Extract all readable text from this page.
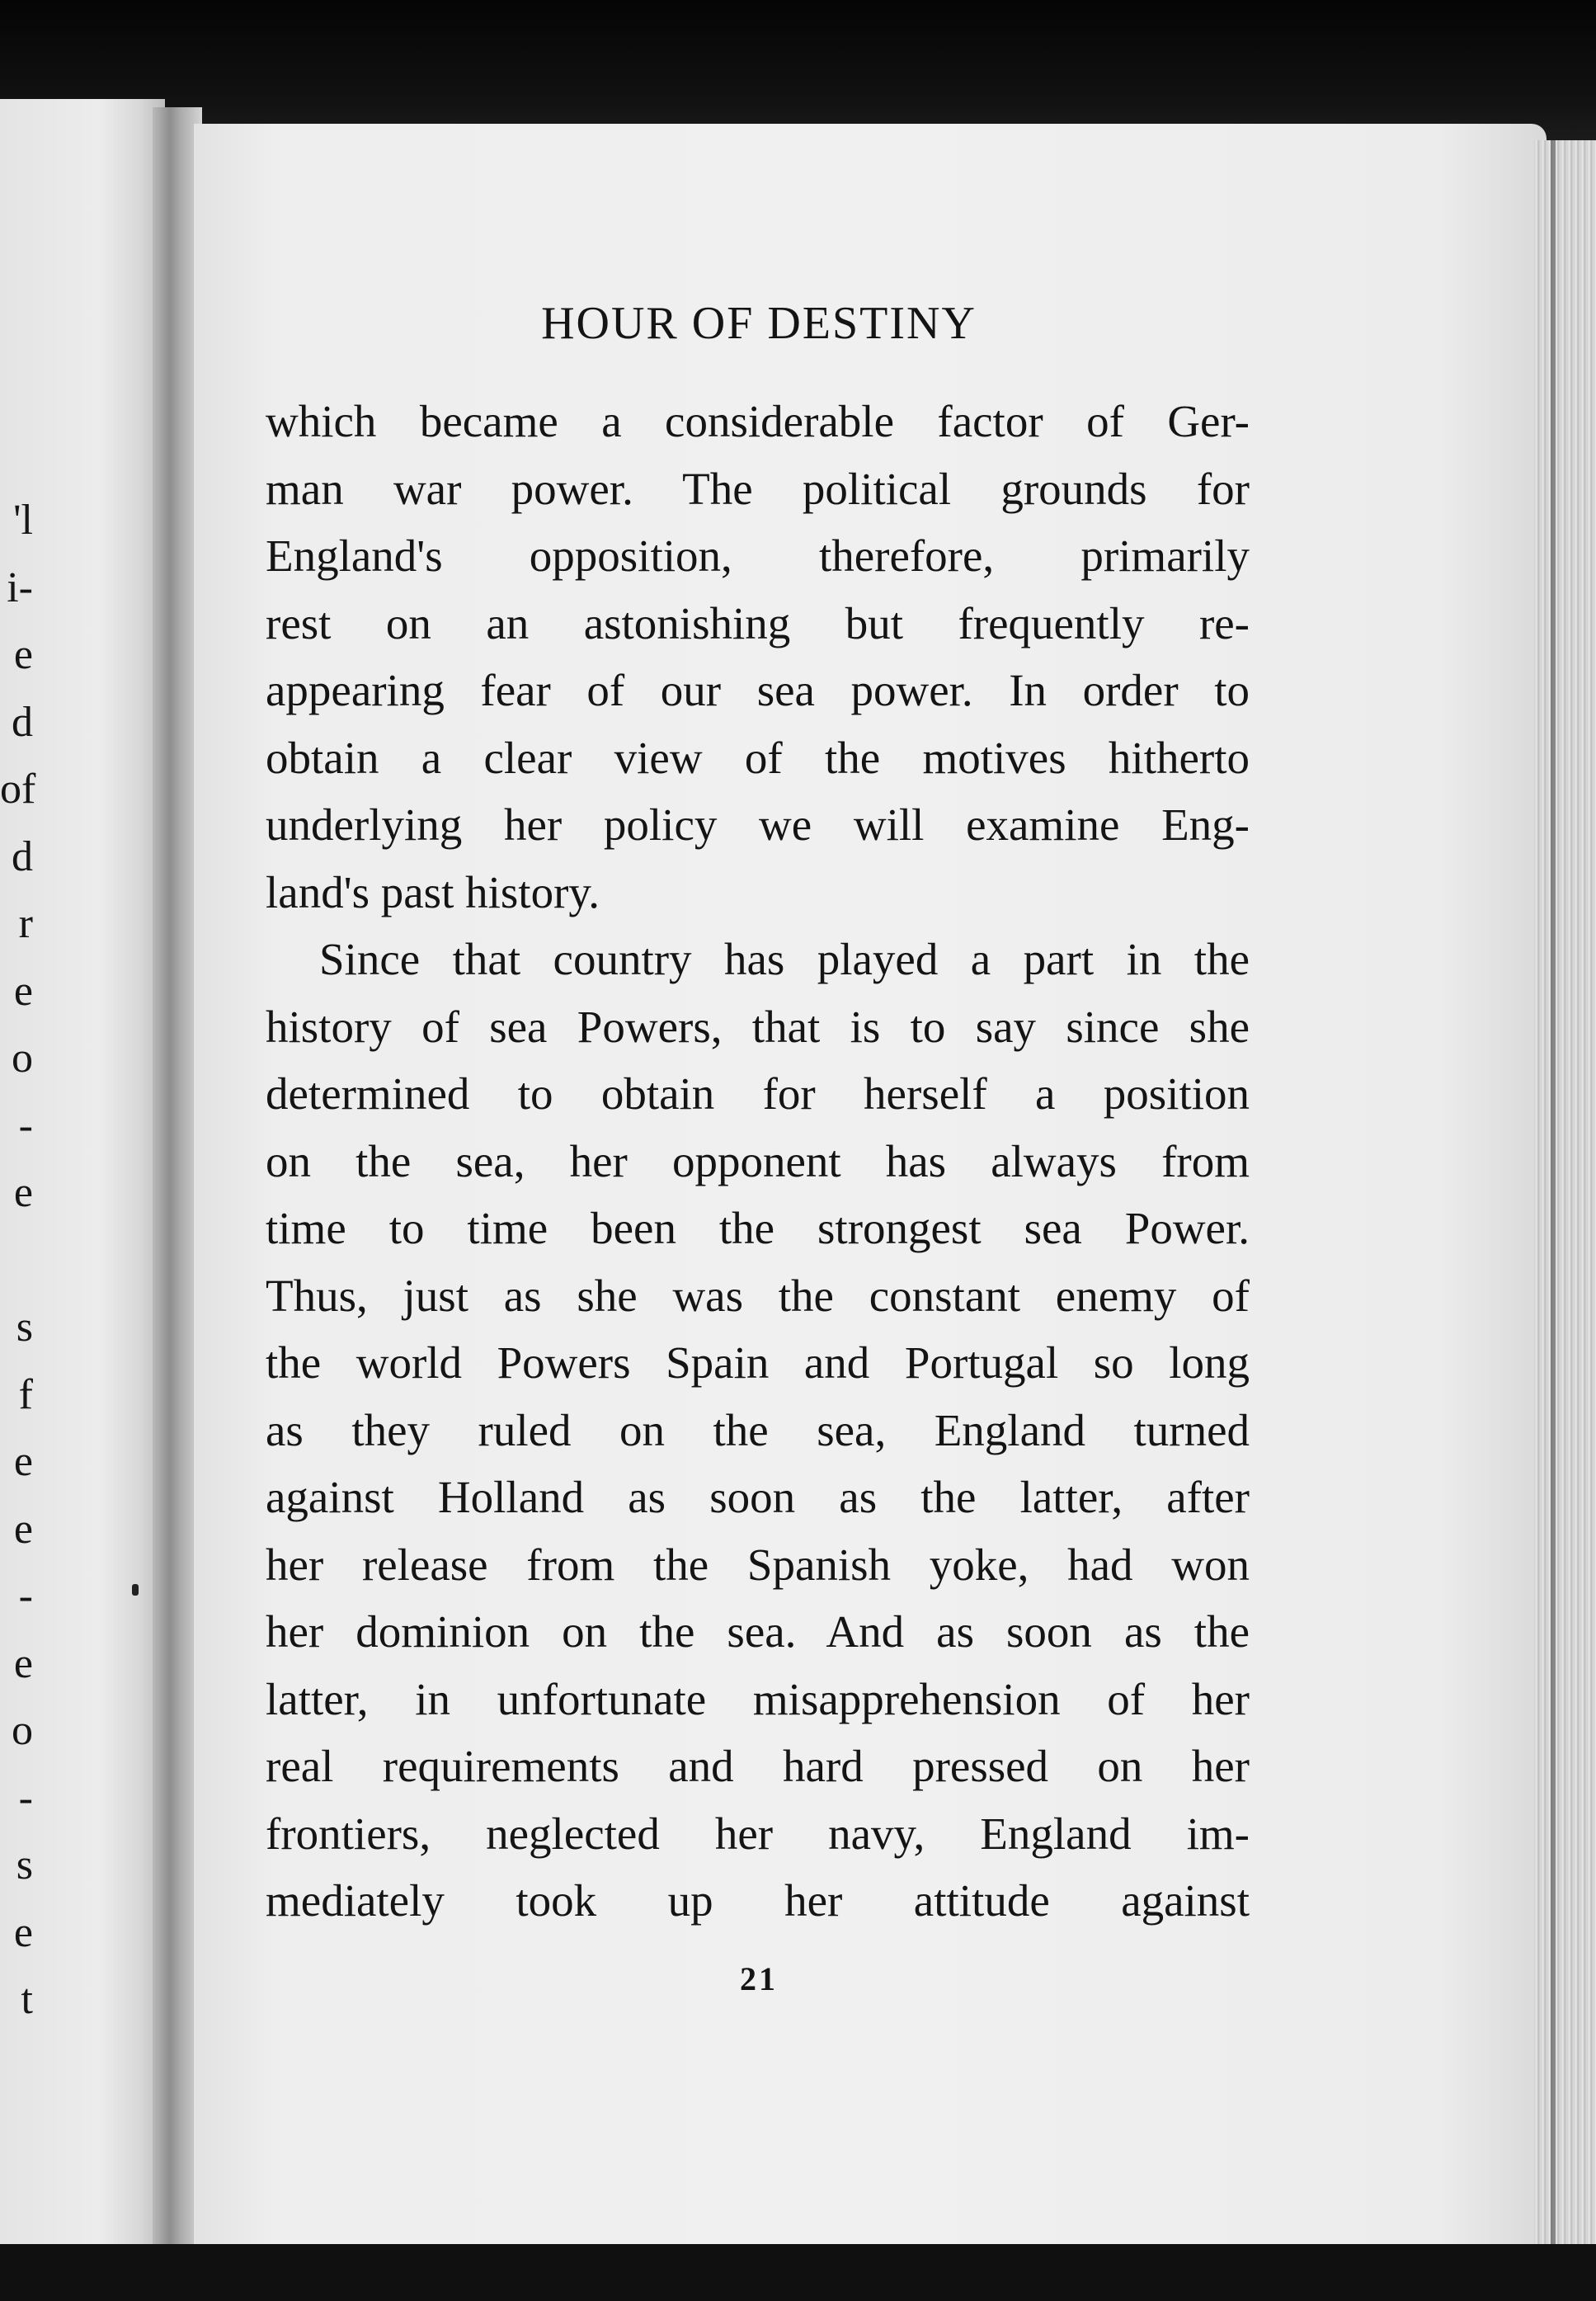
'l
i-
e
d
of
d
r
e
o
-
e
s
f
e
e
-
e
o
-
s
e
t
HOUR OF DESTINY
which became a considerable factor of Ger-
man war power. The political grounds for
England's opposition, therefore, primarily
rest on an astonishing but frequently re-
appearing fear of our sea power. In order to
obtain a clear view of the motives hitherto
underlying her policy we will examine Eng-
land's past history.
Since that country has played a part in the
history of sea Powers, that is to say since she
determined to obtain for herself a position
on the sea, her opponent has always from
time to time been the strongest sea Power.
Thus, just as she was the constant enemy of
the world Powers Spain and Portugal so long
as they ruled on the sea, England turned
against Holland as soon as the latter, after
her release from the Spanish yoke, had won
her dominion on the sea. And as soon as the
latter, in unfortunate misapprehension of her
real requirements and hard pressed on her
frontiers, neglected her navy, England im-
mediately took up her attitude against
21
